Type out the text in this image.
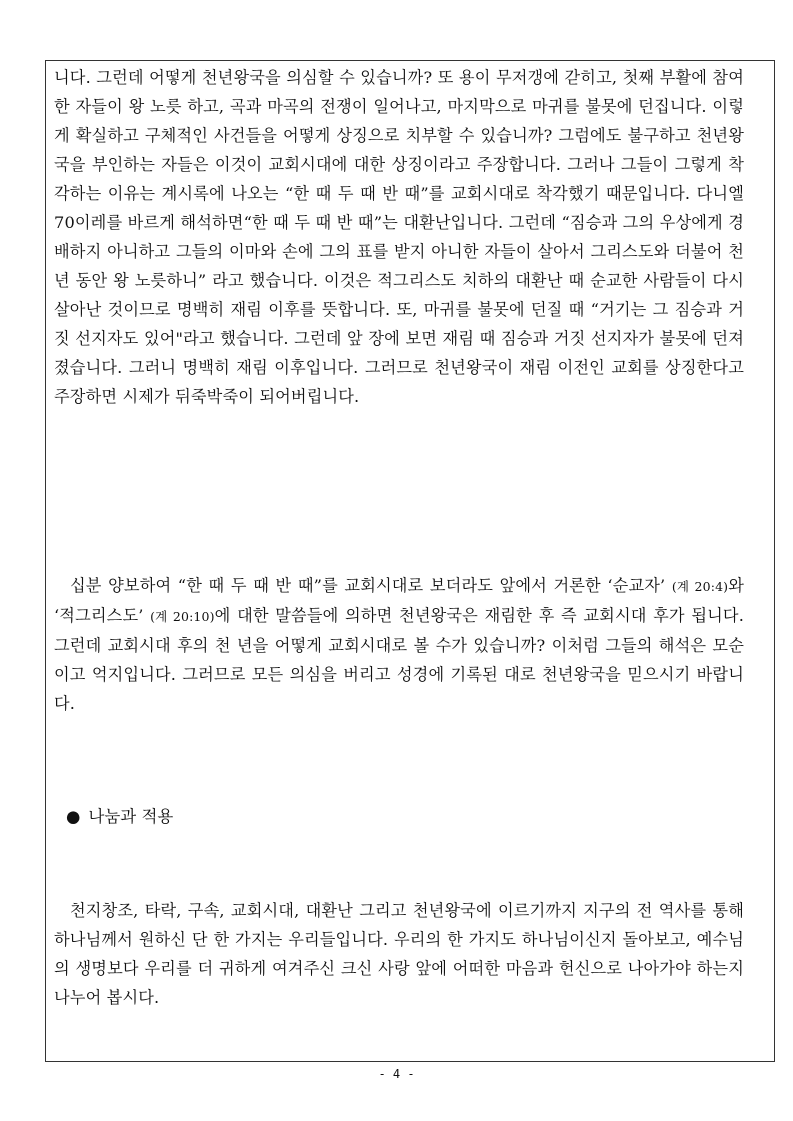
니다. 그런데 어떻게 천년왕국을 의심할 수 있습니까? 또 용이 무저갱에 갇히고, 첫째 부활에 참여한 자들이 왕 노릇 하고, 곡과 마곡의 전쟁이 일어나고, 마지막으로 마귀를 불못에 던집니다. 이렇게 확실하고 구체적인 사건들을 어떻게 상징으로 치부할 수 있습니까? 그럼에도 불구하고 천년왕국을 부인하는 자들은 이것이 교회시대에 대한 상징이라고 주장합니다. 그러나 그들이 그렇게 착각하는 이유는 계시록에 나오는 “한 때 두 때 반 때”를 교회시대로 착각했기 때문입니다. 다니엘 70이레를 바르게 해석하면“한 때 두 때 반 때”는 대환난입니다. 그런데 “짐승과 그의 우상에게 경배하지 아니하고 그들의 이마와 손에 그의 표를 받지 아니한 자들이 살아서 그리스도와 더불어 천 년 동안 왕 노릇하니” 라고 했습니다. 이것은 적그리스도 치하의 대환난 때 순교한 사람들이 다시 살아난 것이므로 명백히 재림 이후를 뜻합니다. 또, 마귀를 불못에 던질 때 “거기는 그 짐승과 거짓 선지자도 있어"라고 했습니다. 그런데 앞 장에 보면 재림 때 짐승과 거짓 선지자가 불못에 던져졌습니다. 그러니 명백히 재림 이후입니다. 그러므로 천년왕국이 재림 이전인 교회를 상징한다고 주장하면 시제가 뒤죽박죽이 되어버립니다.

십분 양보하여 “한 때 두 때 반 때”를 교회시대로 보더라도 앞에서 거론한 ‘순교자’ (계 20:4)와 ‘적그리스도’ (계 20:10)에 대한 말씀들에 의하면 천년왕국은 재림한 후 즉 교회시대 후가 됩니다. 그런데 교회시대 후의 천 년을 어떻게 교회시대로 볼 수가 있습니까? 이처럼 그들의 해석은 모순이고 억지입니다. 그러므로 모든 의심을 버리고 성경에 기록된 대로 천년왕국을 믿으시기 바랍니다.

● 나눔과 적용

천지창조, 타락, 구속, 교회시대, 대환난 그리고 천년왕국에 이르기까지 지구의 전 역사를 통해 하나님께서 원하신 단 한 가지는 우리들입니다. 우리의 한 가지도 하나님이신지 돌아보고, 예수님의 생명보다 우리를 더 귀하게 여겨주신 크신 사랑 앞에 어떠한 마음과 헌신으로 나아가야 하는지 나누어 봅시다.

- 4 -
